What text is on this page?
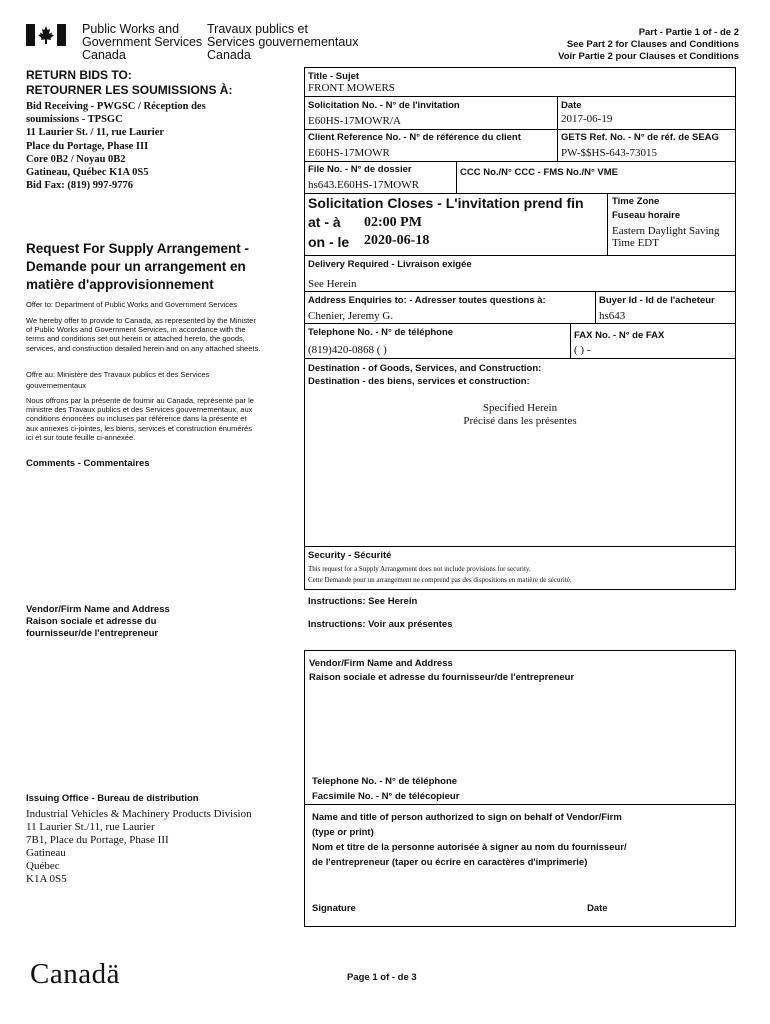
Public Works and
Government Services
Canada
Travaux publics et
Services gouvernementaux
Canada
Part - Partie 1 of - de 2
See Part 2 for Clauses and Conditions
Voir Partie 2 pour Clauses et Conditions
RETURN BIDS TO:
RETOURNER LES SOUMISSIONS À:
Bid Receiving - PWGSC / Réception des
soumissions - TPSGC
11 Laurier St. / 11, rue Laurier
Place du Portage, Phase III
Core 0B2 / Noyau 0B2
Gatineau, Québec K1A 0S5
Bid Fax: (819) 997-9776
Request For Supply Arrangement -
Demande pour un arrangement en
matière d'approvisionnement
Offer to: Department of Public Works and Government Services
We hereby offer to provide to Canada, as represented by the Minister
of Public Works and Government Services, in accordance with the
terms and conditions set out herein or attached hereto, the goods,
services, and construction detailed herein and on any attached sheets.
Offre au: Ministère des Travaux publics et des Services
gouvernementaux
Nous offrons par la présente de fournir au Canada, représenté par le
ministre des Travaux publics et des Services gouvernementaux, aux
conditions énoncées ou incluses par référence dans la présente et
aux annexes ci-jointes, les biens, services et construction énumérés
ici et sur toute feuille ci-annexée.
Comments - Commentaires
Vendor/Firm Name and Address
Raison sociale et adresse du
fournisseur/de l'entrepreneur
Issuing Office - Bureau de distribution
Industrial Vehicles & Machinery Products Division
11 Laurier St./11, rue Laurier
7B1, Place du Portage, Phase III
Gatineau
Québec
K1A 0S5
Title - Sujet
FRONT MOWERS
Solicitation No. - N° de l'invitation
E60HS-17MOWR/A
Date
2017-06-19
Client Reference No. - N° de référence du client
E60HS-17MOWR
GETS Ref. No. - N° de réf. de SEAG
PW-$$HS-643-73015
File No. - N° de dossier
hs643.E60HS-17MOWR
CCC No./N° CCC - FMS No./N° VME
Solicitation Closes - L'invitation prend fin
at - à 02:00 PM
on - le 2020-06-18
Time Zone
Fuseau horaire
Eastern Daylight Saving
Time EDT
Delivery Required - Livraison exigée
See Herein
Address Enquiries to: - Adresser toutes questions à:
Chenier, Jeremy G.
Buyer Id - Id de l'acheteur
hs643
Telephone No. - N° de téléphone
(819)420-0868 ( )
FAX No. - N° de FAX
( ) -
Destination - of Goods, Services, and Construction:
Destination - des biens, services et construction:
Specified Herein
Précisé dans les présentes
Security - Sécurité
This request for a Supply Arrangement does not include provisions for security.
Cette Demande pour un arrangement ne comprend pas des dispositions en matière de sécurité.
Instructions: See Herein
Instructions: Voir aux présentes
Vendor/Firm Name and Address
Raison sociale et adresse du fournisseur/de l'entrepreneur
Telephone No. - N° de téléphone
Facsimile No. - N° de télécopieur
Name and title of person authorized to sign on behalf of Vendor/Firm
(type or print)
Nom et titre de la personne autorisée à signer au nom du fournisseur/
de l'entrepreneur (taper ou écrire en caractères d'imprimerie)
Signature	Date
Canadä	Page 1 of - de 3
